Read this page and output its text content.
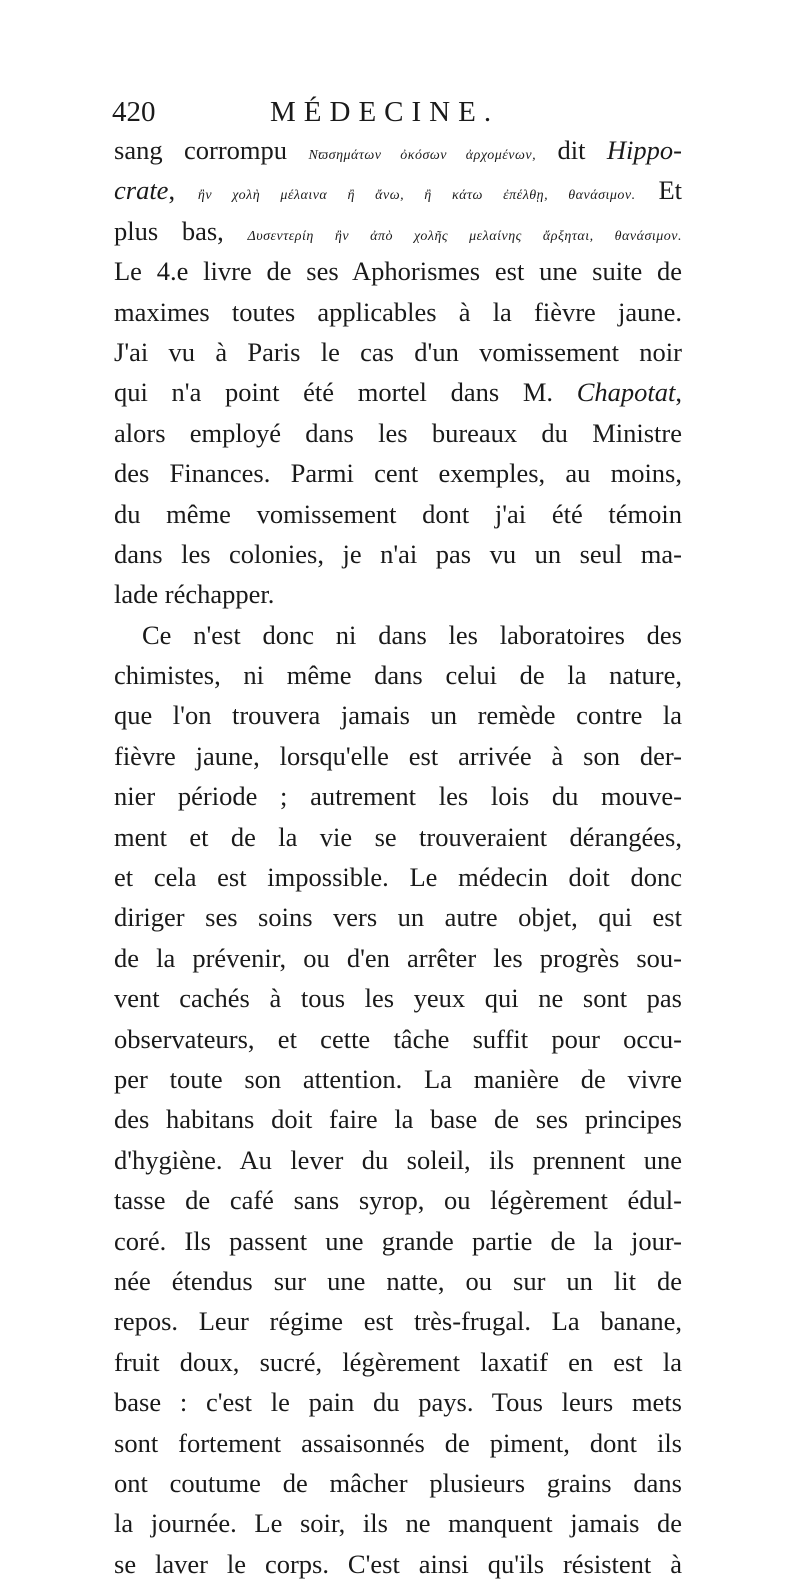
420	MÉDECINE.
sang corrompu Νϖσημάτων ὀκόσων ἀρχομένων, dit Hippo-
crate, ἢν χολὴ μέλαινα ἢ ἄνω, ἢ κάτω ἐπέλθῃ, θανάσιμον. Et
plus bas, Δυσεντερίη ἢν ἀπὸ χολῆς μελαίνης ἄρξηται, θανάσιμον.
Le 4.e livre de ses Aphorismes est une suite de
maximes toutes applicables à la fièvre jaune.
J'ai vu à Paris le cas d'un vomissement noir
qui n'a point été mortel dans M. Chapotat,
alors employé dans les bureaux du Ministre
des Finances. Parmi cent exemples, au moins,
du même vomissement dont j'ai été témoin
dans les colonies, je n'ai pas vu un seul ma-
lade réchapper.
Ce n'est donc ni dans les laboratoires des
chimistes, ni même dans celui de la nature,
que l'on trouvera jamais un remède contre la
fièvre jaune, lorsqu'elle est arrivée à son der-
nier période ; autrement les lois du mouve-
ment et de la vie se trouveraient dérangées,
et cela est impossible. Le médecin doit donc
diriger ses soins vers un autre objet, qui est
de la prévenir, ou d'en arrêter les progrès sou-
vent cachés à tous les yeux qui ne sont pas
observateurs, et cette tâche suffit pour occu-
per toute son attention. La manière de vivre
des habitans doit faire la base de ses principes
d'hygiène. Au lever du soleil, ils prennent une
tasse de café sans syrop, ou légèrement édul-
coré. Ils passent une grande partie de la jour-
née étendus sur une natte, ou sur un lit de
repos. Leur régime est très-frugal. La banane,
fruit doux, sucré, légèrement laxatif en est la
base : c'est le pain du pays. Tous leurs mets
sont fortement assaisonnés de piment, dont ils
ont coutume de mâcher plusieurs grains dans
la journée. Le soir, ils ne manquent jamais de
se laver le corps. C'est ainsi qu'ils résistent à
